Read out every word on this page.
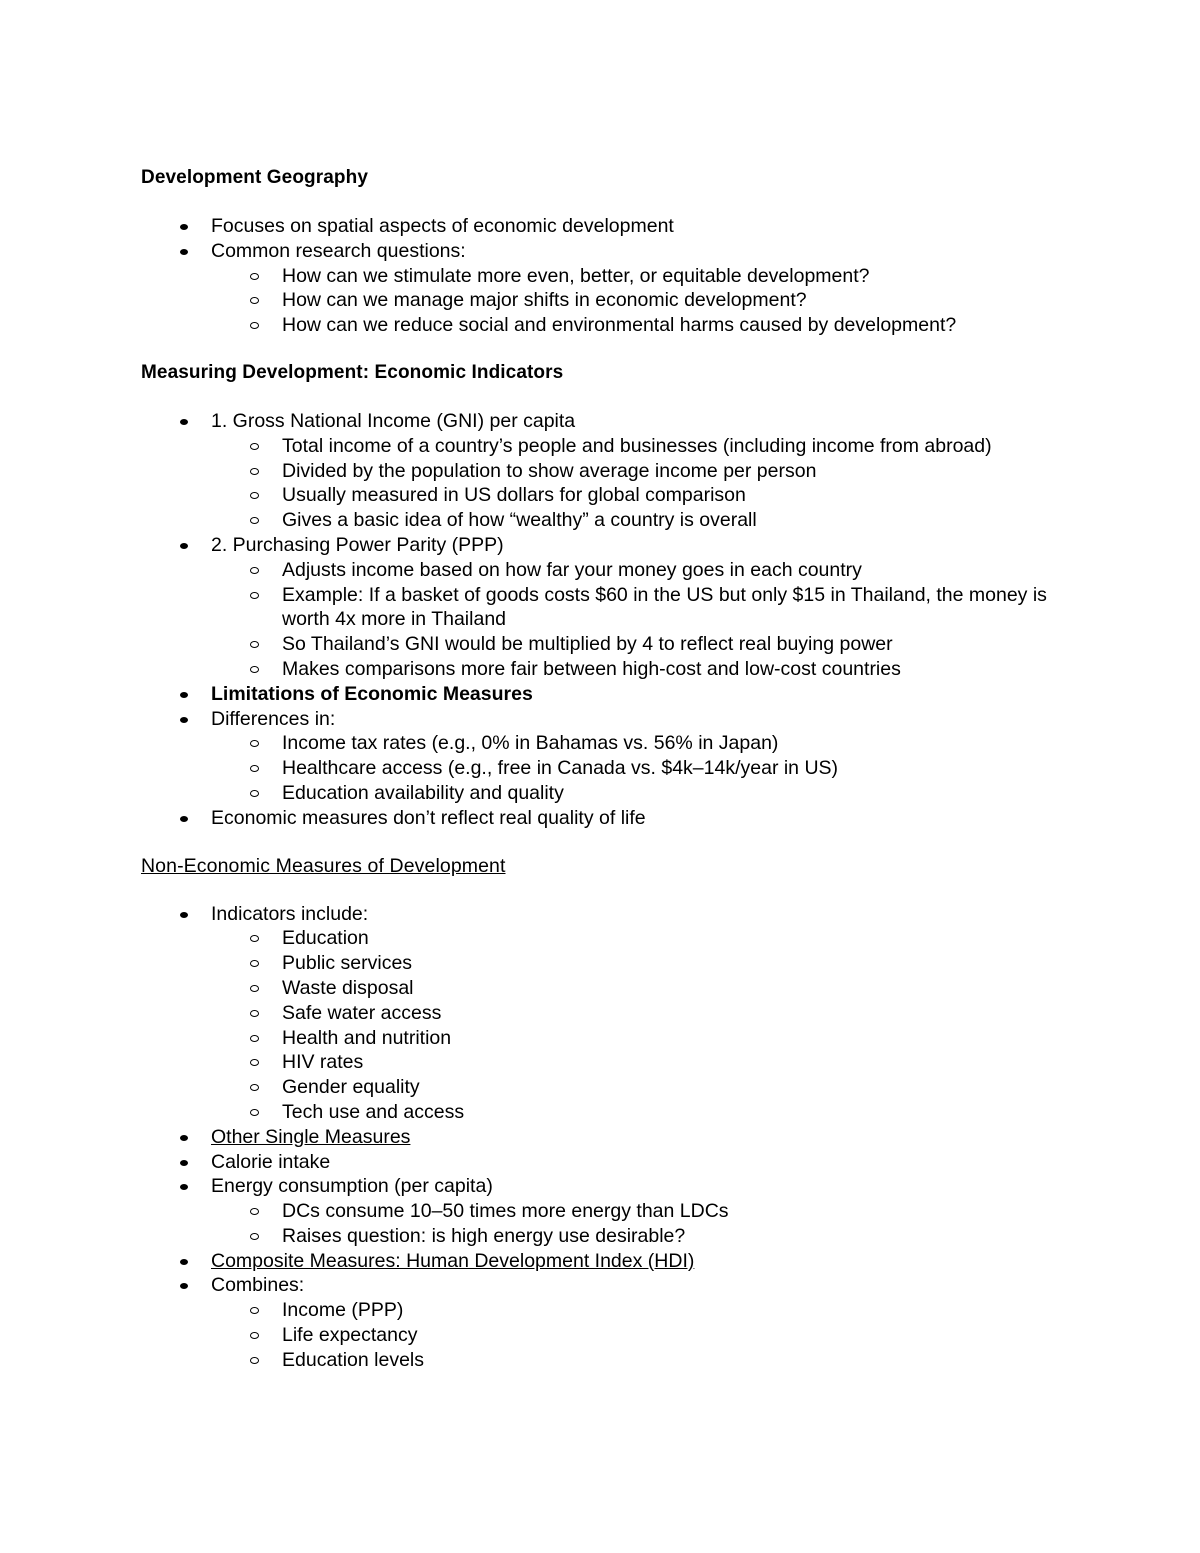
Development Geography

Focuses on spatial aspects of economic development
Common research questions:
How can we stimulate more even, better, or equitable development?
How can we manage major shifts in economic development?
How can we reduce social and environmental harms caused by development?

Measuring Development: Economic Indicators

1. Gross National Income (GNI) per capita
Total income of a country’s people and businesses (including income from abroad)
Divided by the population to show average income per person
Usually measured in US dollars for global comparison
Gives a basic idea of how “wealthy” a country is overall
2. Purchasing Power Parity (PPP)
Adjusts income based on how far your money goes in each country
Example: If a basket of goods costs $60 in the US but only $15 in Thailand, the money is worth 4x more in Thailand
So Thailand’s GNI would be multiplied by 4 to reflect real buying power
Makes comparisons more fair between high-cost and low-cost countries
Limitations of Economic Measures
Differences in:
Income tax rates (e.g., 0% in Bahamas vs. 56% in Japan)
Healthcare access (e.g., free in Canada vs. $4k–14k/year in US)
Education availability and quality
Economic measures don’t reflect real quality of life

Non-Economic Measures of Development

Indicators include:
Education
Public services
Waste disposal
Safe water access
Health and nutrition
HIV rates
Gender equality
Tech use and access
Other Single Measures
Calorie intake
Energy consumption (per capita)
DCs consume 10–50 times more energy than LDCs
Raises question: is high energy use desirable?
Composite Measures: Human Development Index (HDI)
Combines:
Income (PPP)
Life expectancy
Education levels
